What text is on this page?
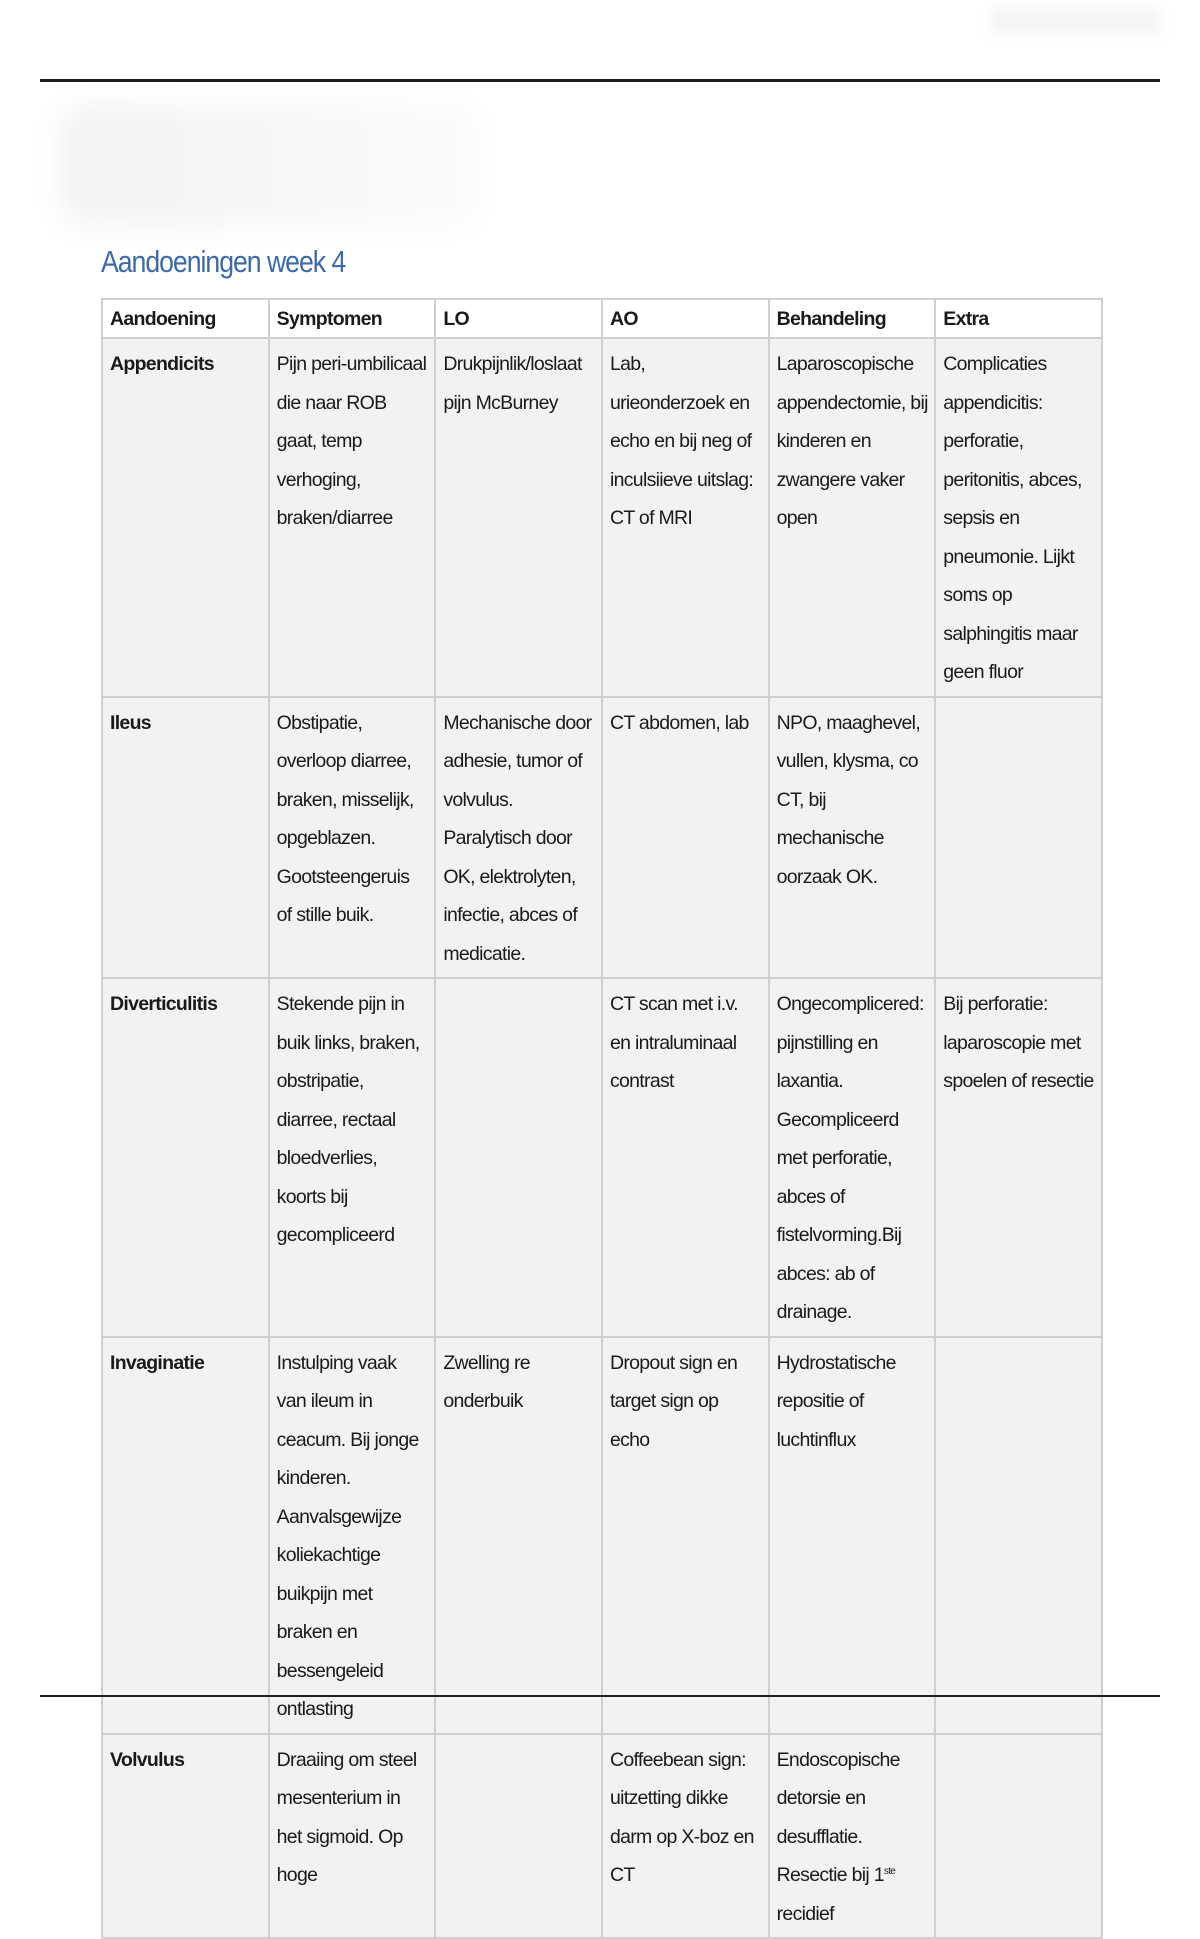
Aandoeningen week 4
Aandoening	Symptomen	LO	AO	Behandeling	Extra
Appendicits	Pijn peri-umbilicaal die naar ROB gaat, temp verhoging, braken/diarree	Drukpijnlik/loslaat pijn McBurney	Lab, urieonderzoek en echo en bij neg of inculsiieve uitslag: CT of MRI	Laparoscopische appendectomie, bij kinderen en zwangere vaker open	Complicaties appendicitis: perforatie, peritonitis, abces, sepsis en pneumonie. Lijkt soms op salphingitis maar geen fluor
Ileus	Obstipatie, overloop diarree, braken, misselijk, opgeblazen. Gootsteengeruis of stille buik.	Mechanische door adhesie, tumor of volvulus. Paralytisch door OK, elektrolyten, infectie, abces of medicatie.	CT abdomen, lab	NPO, maaghevel, vullen, klysma, co CT, bij mechanische oorzaak OK.	
Diverticulitis	Stekende pijn in buik links, braken, obstripatie, diarree, rectaal bloedverlies, koorts bij gecompliceerd		CT scan met i.v. en intraluminaal contrast	Ongecomplicered: pijnstilling en laxantia. Gecompliceerd met perforatie, abces of fistelvorming.Bij abces: ab of drainage.	Bij perforatie: laparoscopie met spoelen of resectie
Invaginatie	Instulping vaak van ileum in ceacum. Bij jonge kinderen. Aanvalsgewijze koliekachtige buikpijn met braken en bessengeleid ontlasting	Zwelling re onderbuik	Dropout sign en target sign op echo	Hydrostatische repositie of luchtinflux	
Volvulus	Draaiing om steel mesenterium in het sigmoid. Op hoge		Coffeebean sign: uitzetting dikke darm op X-boz en CT	Endoscopische detorsie en desufflatie. Resectie bij 1ste recidief	
